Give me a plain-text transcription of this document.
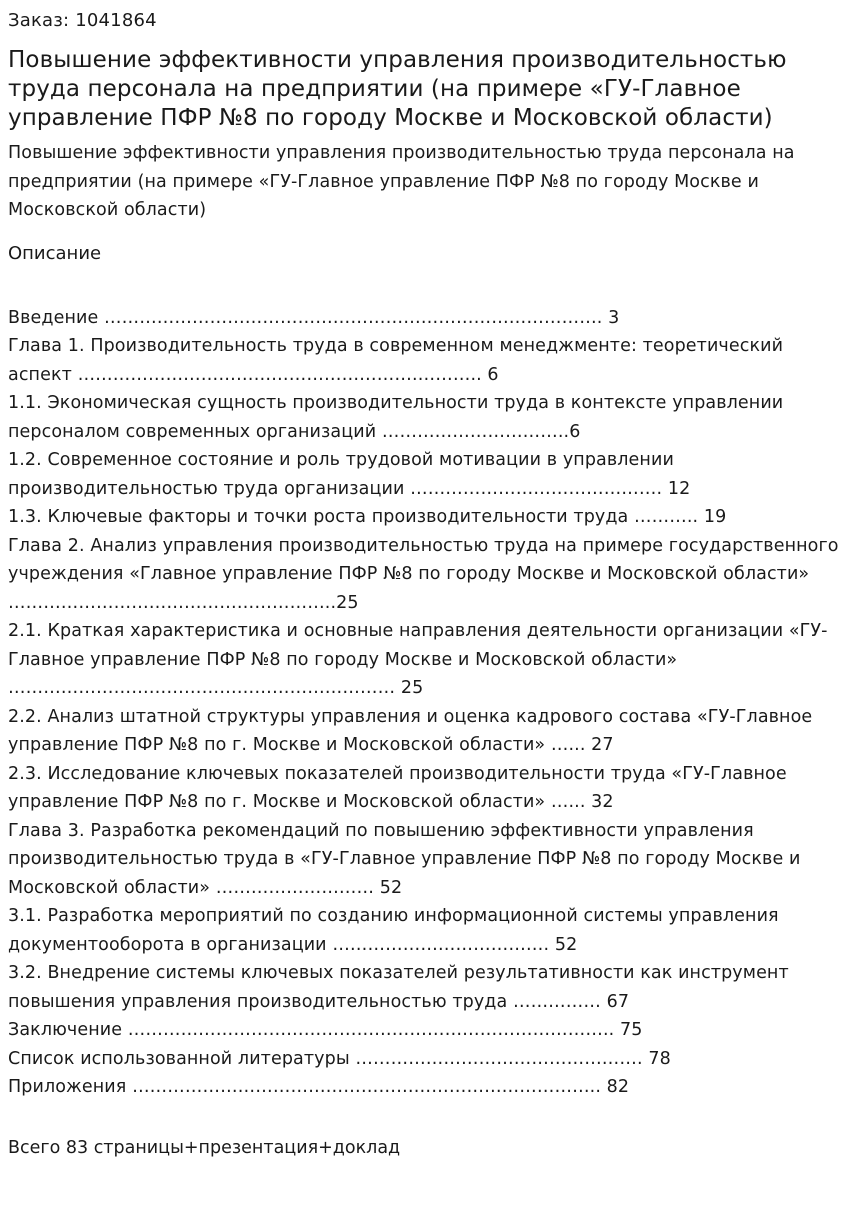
Заказ: 1041864

Повышение эффективности управления производительностью труда персонала на предприятии (на примере «ГУ-Главное управление ПФР №8 по городу Москве и Московской области)

Повышение эффективности управления производительностью труда персонала на предприятии (на примере «ГУ-Главное управление ПФР №8 по городу Москве и Московской области)

Описание

Введение …………………………………………………………………………. 3
Глава 1. Производительность труда в современном менеджменте: теоретический аспект ………………………………………………….……….. 6
1.1. Экономическая сущность производительности труда в контексте управлении персоналом современных организаций …………………………..6
1.2. Современное состояние и роль трудовой мотивации в управлении производительностью труда организации ……………………………………. 12
1.3. Ключевые факторы и точки роста производительности труда ……….. 19
Глава 2. Анализ управления производительностью труда на примере государственного учреждения «Главное управление ПФР №8 по городу Москве и Московской области» ………………………………………………..25
2.1. Краткая характеристика и основные направления деятельности организации «ГУ-Главное управление ПФР №8 по городу Москве и Московской области» ………………………………………………………… 25
2.2. Анализ штатной структуры управления и оценка кадрового состава «ГУ-Главное управление ПФР №8 по г. Москве и Московской области» …... 27
2.3. Исследование ключевых показателей производительности труда «ГУ-Главное управление ПФР №8 по г. Москве и Московской области» …... 32
Глава 3. Разработка рекомендаций по повышению эффективности управления производительностью труда в «ГУ-Главное управление ПФР №8 по городу Москве и Московской области» ……………………… 52
3.1. Разработка мероприятий по созданию информационной системы управления документооборота в организации ………………………………. 52
3.2. Внедрение системы ключевых показателей результативности как инструмент повышения управления производительностью труда …………… 67
Заключение ……………………………………………………………………….. 75
Список использованной литературы …………………………………………. 78
Приложения …………………………………………………………………….. 82

Всего 83 страницы+презентация+доклад
